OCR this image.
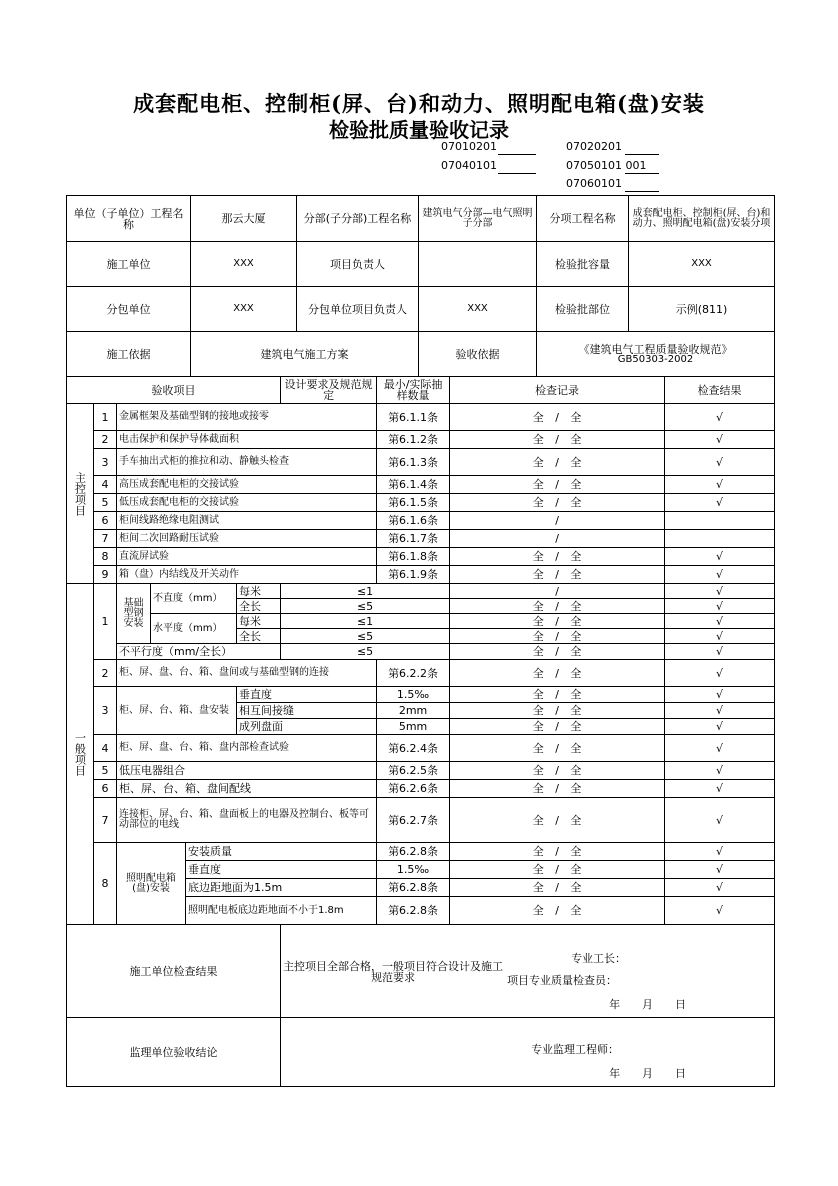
成套配电柜、控制柜(屏、台)和动力、照明配电箱(盘)安装
检验批质量验收记录
07010201	07020201
07040101	07050101 001
07060101
单位（子单位）工程名称	那云大厦	分部(子分部)工程名称	建筑电气分部—电气照明子分部	分项工程名称	成套配电柜、控制柜(屏、台)和动力、照明配电箱(盘)安装分项
施工单位	XXX	项目负责人		检验批容量	XXX
分包单位	XXX	分包单位项目负责人	XXX	检验批部位	示例(811)
施工依据	建筑电气施工方案		验收依据	《建筑电气工程质量验收规范》
GB50303-2002	
验收项目						设计要求及规范规定	最小/实际抽样数量	检查记录	检查结果	
主控项目	1	金属框架及基础型钢的接地或接零					第6.1.1条	全 / 全	√	
	2	电击保护和保护导体截面积					第6.1.2条	全 / 全	√	
	3	手车抽出式柜的推拉和动、静触头检查					第6.1.3条	全 / 全	√	
	4	高压成套配电柜的交接试验					第6.1.4条	全 / 全	√	
	5	低压成套配电柜的交接试验					第6.1.5条	全 / 全	√	
	6	柜间线路绝缘电阻测试					第6.1.6条	/		
	7	柜间二次回路耐压试验					第6.1.7条	/		
	8	直流屏试验					第6.1.8条	全 / 全	√	
	9	箱（盘）内结线及开关动作					第6.1.9条	全 / 全	√	
一般项目	1	基础型钢安装	不直度（mm）		每米	≤1		/	√	
					全长	≤5		全 / 全	√	
			水平度（mm）		每米	≤1		全 / 全	√	
					全长	≤5		全 / 全	√	
		不平行度（mm/全长）				≤5		全 / 全	√	
	2	柜、屏、盘、台、箱、盘间或与基础型钢的连接					第6.2.2条	全 / 全	√	
	3	柜、屏、台、箱、盘安装			垂直度		1.5‰	全 / 全	√	
					相互间接缝		2mm	全 / 全	√	
					成列盘面		5mm	全 / 全	√	
	4	柜、屏、盘、台、箱、盘内部检查试验					第6.2.4条	全 / 全	√	
	5	低压电器组合					第6.2.5条	全 / 全	√	
	6	柜、屏、台、箱、盘间配线					第6.2.6条	全 / 全	√	
	7	连接柜、屏、台、箱、盘面板上的电器及控制台、板等可动部位的电线					第6.2.7条	全 / 全	√	
	8	照明配电箱(盘)安装		安装质量			第6.2.8条	全 / 全	√	
				垂直度			1.5‰	全 / 全	√	
				底边距地面为1.5m			第6.2.8条	全 / 全	√	
				照明配电板底边距地面不小于1.8m			第6.2.8条	全 / 全	√	
施工单位检查结果						主控项目全部合格，一般项目符合设计及施工规范要求
专业工长：
项目专业质量检查员：
年　　月　　日				

监理单位验收结论						专业监理工程师：
年　　月　　日				
